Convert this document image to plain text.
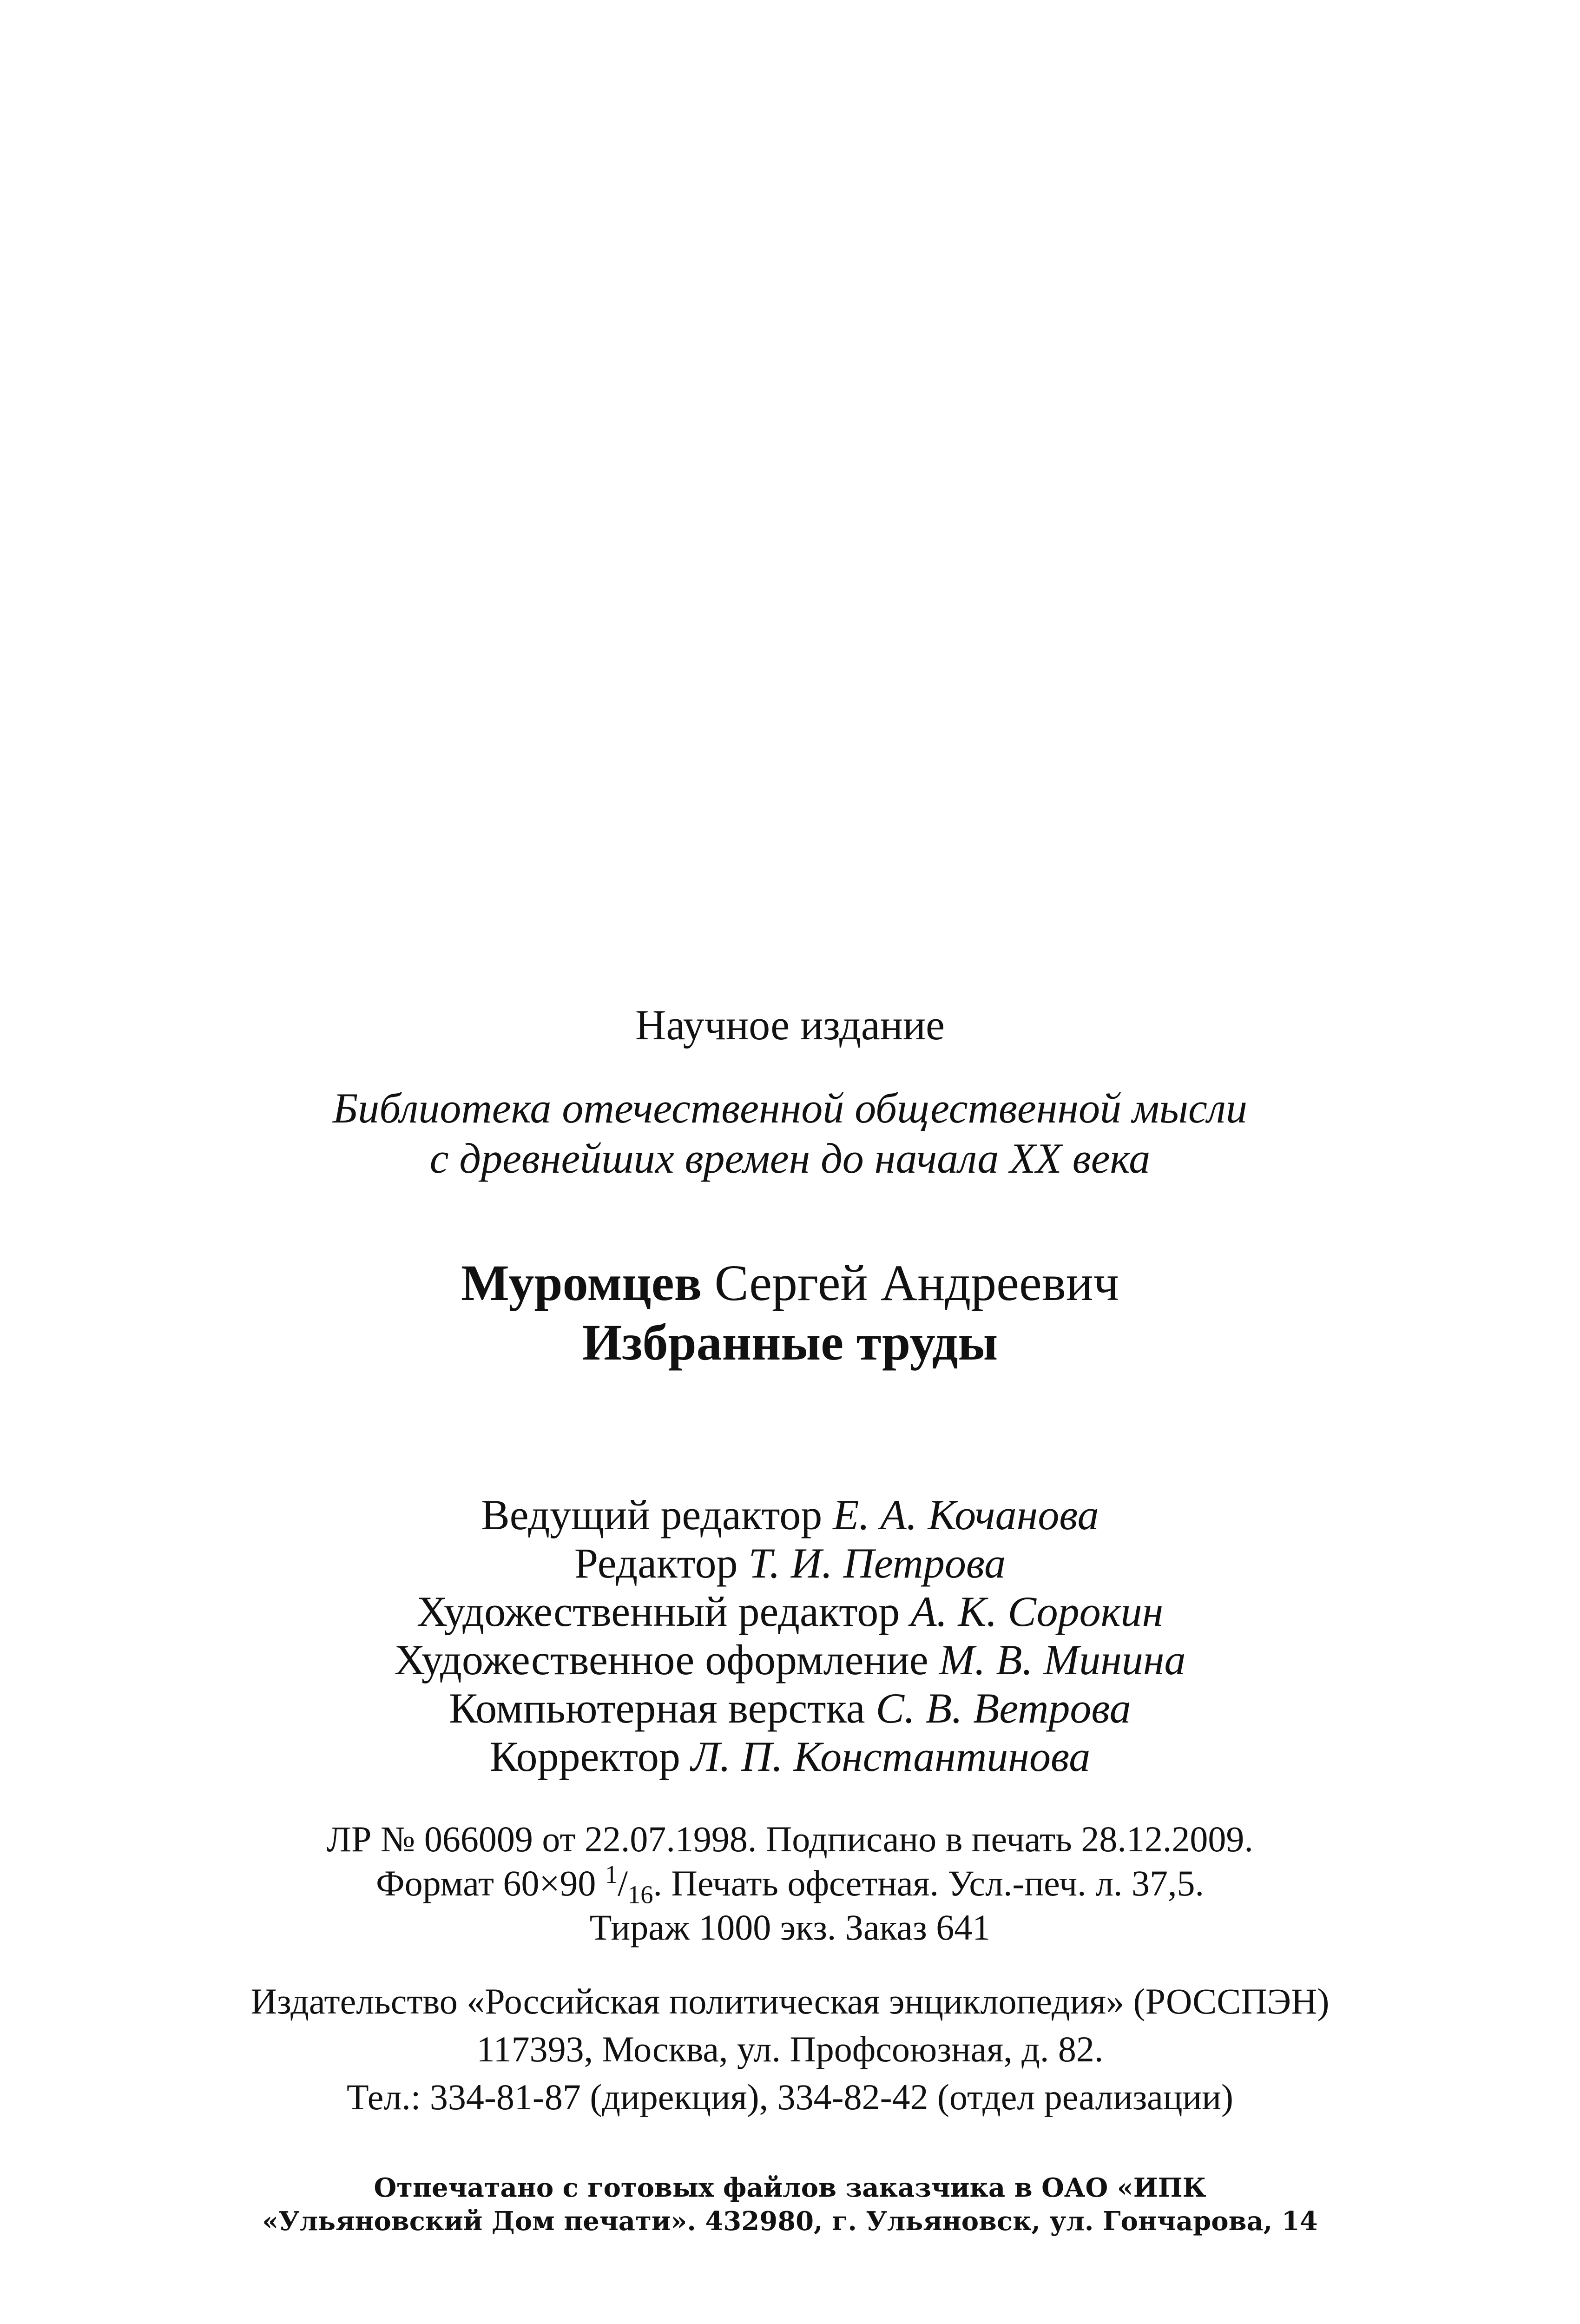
Научное издание
Библиотека отечественной общественной мысли
с древнейших времен до начала XX века
Муромцев Сергей Андреевич
Избранные труды
Ведущий редактор Е. А. Кочанова
Редактор Т. И. Петрова
Художественный редактор А. К. Сорокин
Художественное оформление М. В. Минина
Компьютерная верстка С. В. Ветрова
Корректор Л. П. Константинова
ЛР № 066009 от 22.07.1998. Подписано в печать 28.12.2009.
Формат 60×90 $^1/_{16}$. Печать офсетная. Усл.-печ. л. 37,5.
Тираж 1000 экз. Заказ 641
Издательство «Российская политическая энциклопедия» (РОССПЭН)
117393, Москва, ул. Профсоюзная, д. 82.
Тел.: 334-81-87 (дирекция), 334-82-42 (отдел реализации)
Отпечатано с готовых файлов заказчика в ОАО «ИПК
«Ульяновский Дом печати». 432980, г. Ульяновск, ул. Гончарова, 14
